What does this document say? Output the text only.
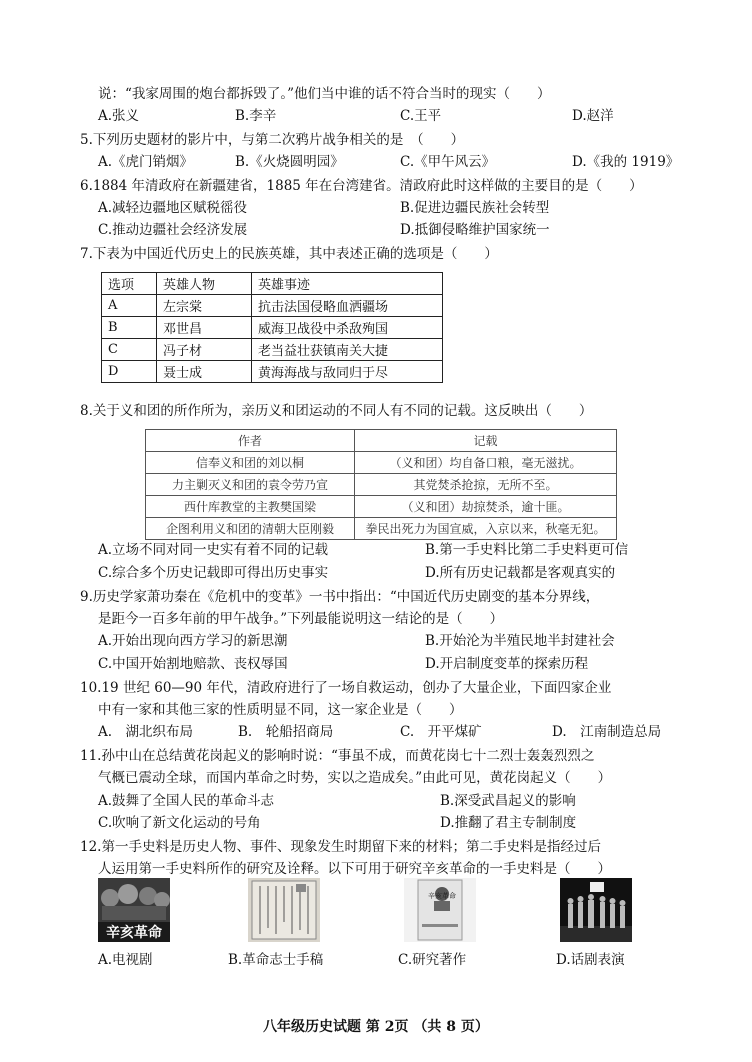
说：“我家周围的炮台都拆毁了。”他们当中谁的话不符合当时的现实（　　）
A.张义	B.李辛	C.王平	D.赵洋
5.下列历史题材的影片中，与第二次鸦片战争相关的是　（　　）
A.《虎门销烟》	B.《火烧圆明园》	C.《甲午风云》	D.《我的 1919》
6.1884 年清政府在新疆建省，1885 年在台湾建省。清政府此时这样做的主要目的是（　　）
A.减轻边疆地区赋税徭役	B.促进边疆民族社会转型
C.推动边疆社会经济发展	D.抵御侵略维护国家统一
7.下表为中国近代历史上的民族英雄，其中表述正确的选项是（　　）
选项	英雄人物	英雄事迹
A	左宗棠	抗击法国侵略血洒疆场
B	邓世昌	威海卫战役中杀敌殉国
C	冯子材	老当益壮获镇南关大捷
D	聂士成	黄海海战与敌同归于尽
8.关于义和团的所作所为，亲历义和团运动的不同人有不同的记载。这反映出（　　）
作者	记载
信奉义和团的刘以桐	（义和团）均自备口粮，毫无滋扰。
力主剿灭义和团的袁令劳乃宣	其党焚杀抢掠，无所不至。
西什库教堂的主教樊国梁	（义和团）劫掠焚杀，逾十匪。
企图利用义和团的清朝大臣刚毅	拳民出死力为国宣威，入京以来，秋毫无犯。
A.立场不同对同一史实有着不同的记载	B.第一手史料比第二手史料更可信
C.综合多个历史记载即可得出历史事实	D.所有历史记载都是客观真实的
9.历史学家萧功秦在《危机中的变革》一书中指出：“中国近代历史剧变的基本分界线，
是距今一百多年前的甲午战争。”下列最能说明这一结论的是（　　）
A.开始出现向西方学习的新思潮	B.开始沦为半殖民地半封建社会
C.中国开始割地赔款、丧权辱国	D.开启制度变革的探索历程
10.19 世纪 60—90 年代，清政府进行了一场自救运动，创办了大量企业，下面四家企业
中有一家和其他三家的性质明显不同，这一家企业是（　　）
A.　湖北织布局	B.　轮船招商局	C.　开平煤矿	D.　江南制造总局
11.孙中山在总结黄花岗起义的影响时说：“事虽不成，而黄花岗七十二烈士轰轰烈烈之
气概已震动全球，而国内革命之时势，实以之造成矣。”由此可见，黄花岗起义（　　）
A.鼓舞了全国人民的革命斗志	B.深受武昌起义的影响
C.吹响了新文化运动的号角	D.推翻了君主专制制度
12.第一手史料是历史人物、事件、现象发生时期留下来的材料；第二手史料是指经过后
人运用第一手史料所作的研究及诠释。以下可用于研究辛亥革命的一手史料是（　　）
辛亥革命
辛亥革命
A.电视剧	B.革命志士手稿	C.研究著作	D.话剧表演
八年级历史试题 第 2页 （共 8 页）
